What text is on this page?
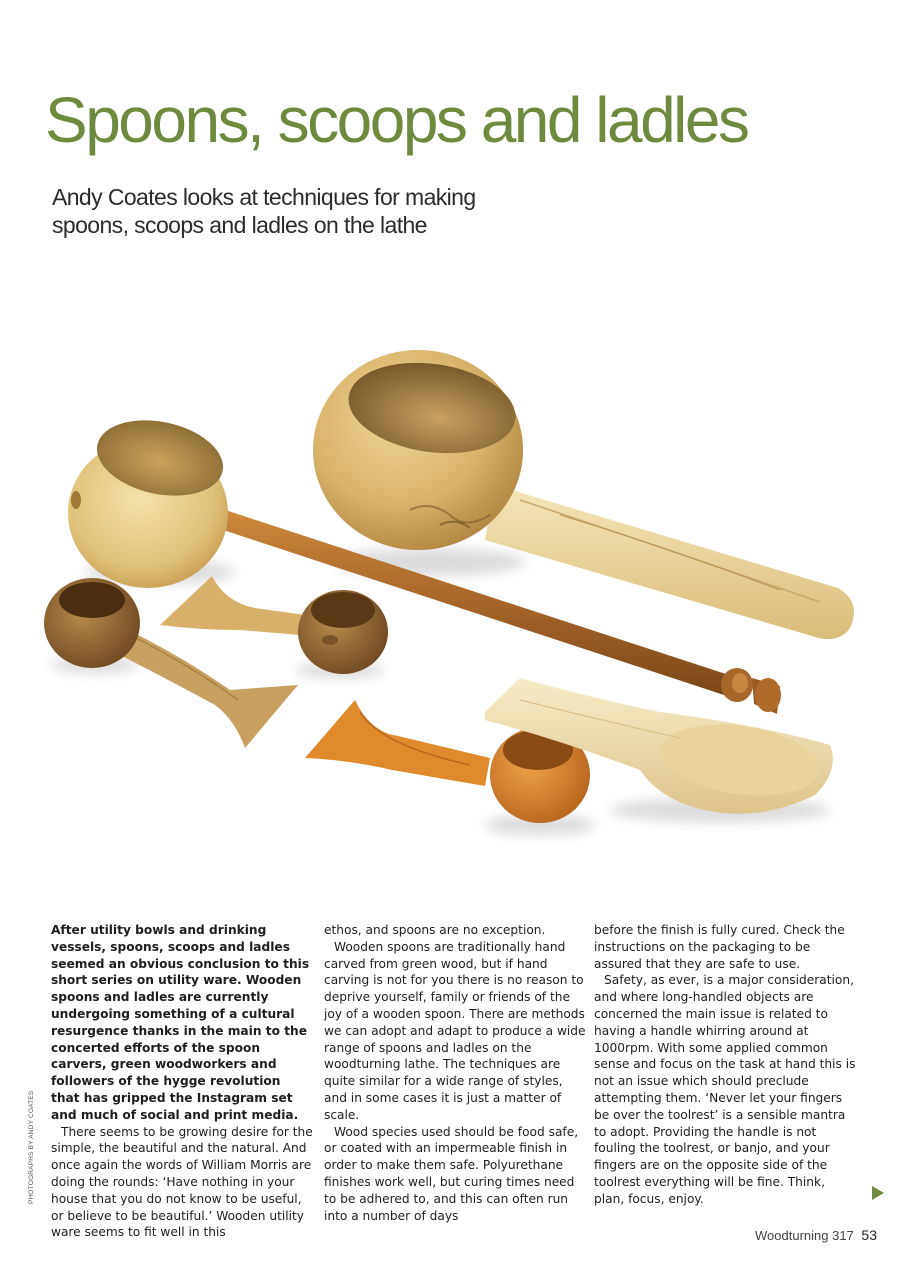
Spoons, scoops and ladles

Andy Coates looks at techniques for making spoons, scoops and ladles on the lathe

After utility bowls and drinking vessels, spoons, scoops and ladles seemed an obvious conclusion to this short series on utility ware. Wooden spoons and ladles are currently undergoing something of a cultural resurgence thanks in the main to the concerted efforts of the spoon carvers, green woodworkers and followers of the hygge revolution that has gripped the Instagram set and much of social and print media.

There seems to be growing desire for the simple, the beautiful and the natural. And once again the words of William Morris are doing the rounds: ‘Have nothing in your house that you do not know to be useful, or believe to be beautiful.’ Wooden utility ware seems to fit well in this

ethos, and spoons are no exception.

Wooden spoons are traditionally hand carved from green wood, but if hand carving is not for you there is no reason to deprive yourself, family or friends of the joy of a wooden spoon. There are methods we can adopt and adapt to produce a wide range of spoons and ladles on the woodturning lathe. The techniques are quite similar for a wide range of styles, and in some cases it is just a matter of scale.

Wood species used should be food safe, or coated with an impermeable finish in order to make them safe. Polyurethane finishes work well, but curing times need to be adhered to, and this can often run into a number of days

before the finish is fully cured. Check the instructions on the packaging to be assured that they are safe to use.

Safety, as ever, is a major consideration, and where long-handled objects are concerned the main issue is related to having a handle whirring around at 1000rpm. With some applied common sense and focus on the task at hand this is not an issue which should preclude attempting them. ‘Never let your fingers be over the toolrest’ is a sensible mantra to adopt. Providing the handle is not fouling the toolrest, or banjo, and your fingers are on the opposite side of the toolrest everything will be fine. Think, plan, focus, enjoy.

PHOTOGRAPHS BY ANDY COATES
Woodturning 317 53
